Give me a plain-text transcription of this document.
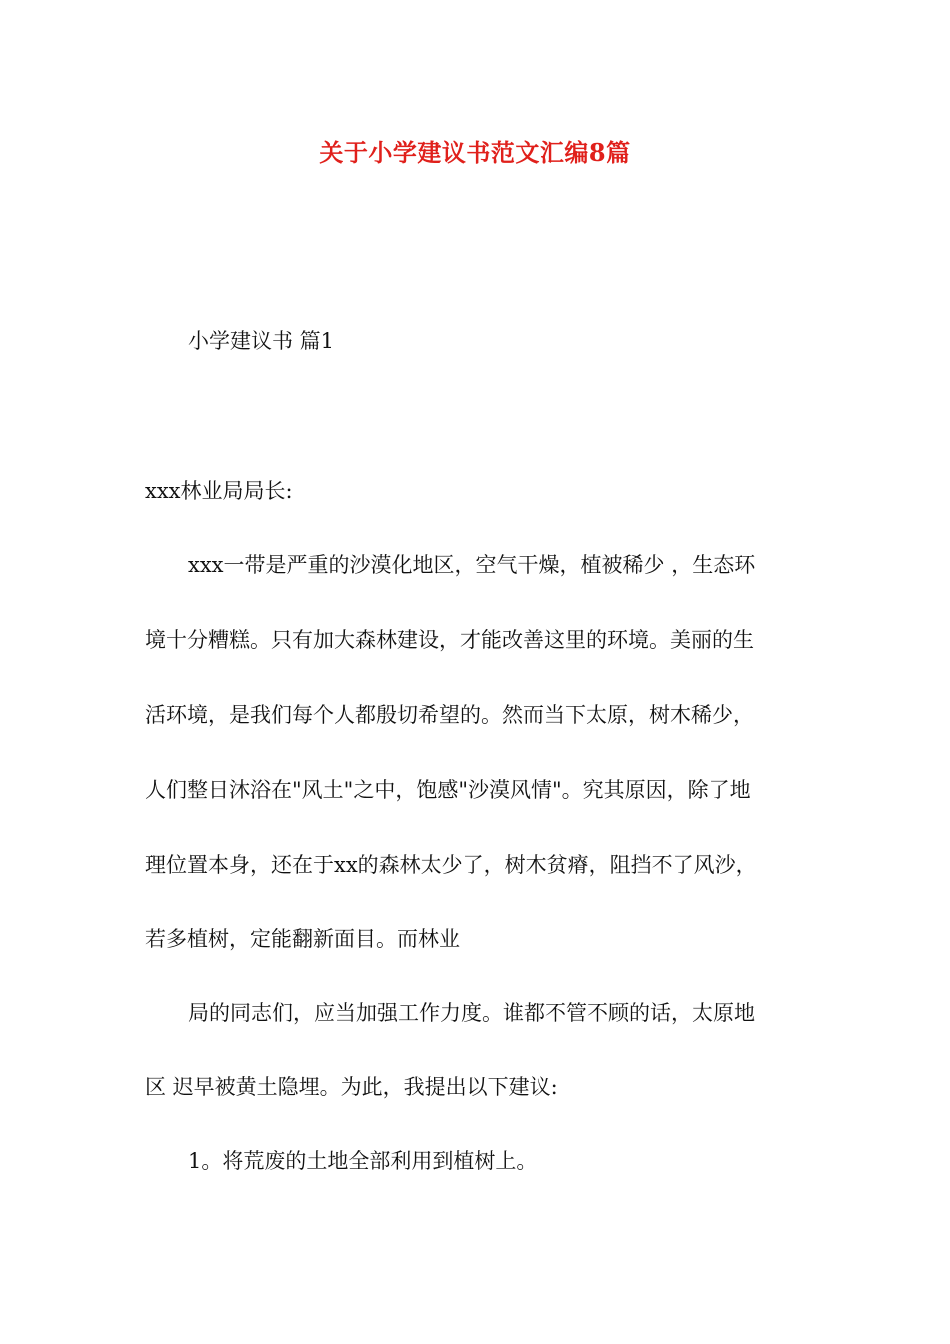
关于小学建议书范文汇编8篇
小学建议书 篇1
xxx林业局局长:
xxx一带是严重的沙漠化地区，空气干燥，植被稀少 ，生态环
境十分糟糕。只有加大森林建设，才能改善这里的环境。美丽的生
活环境，是我们每个人都殷切希望的。然而当下太原，树木稀少，
人们整日沐浴在"风土"之中，饱感"沙漠风情"。究其原因，除了地
理位置本身，还在于xx的森林太少了，树木贫瘠，阻挡不了风沙，
若多植树，定能翻新面目。而林业
局的同志们，应当加强工作力度。谁都不管不顾的话，太原地
区 迟早被黄土隐埋。为此，我提出以下建议:
1。将荒废的土地全部利用到植树上。
